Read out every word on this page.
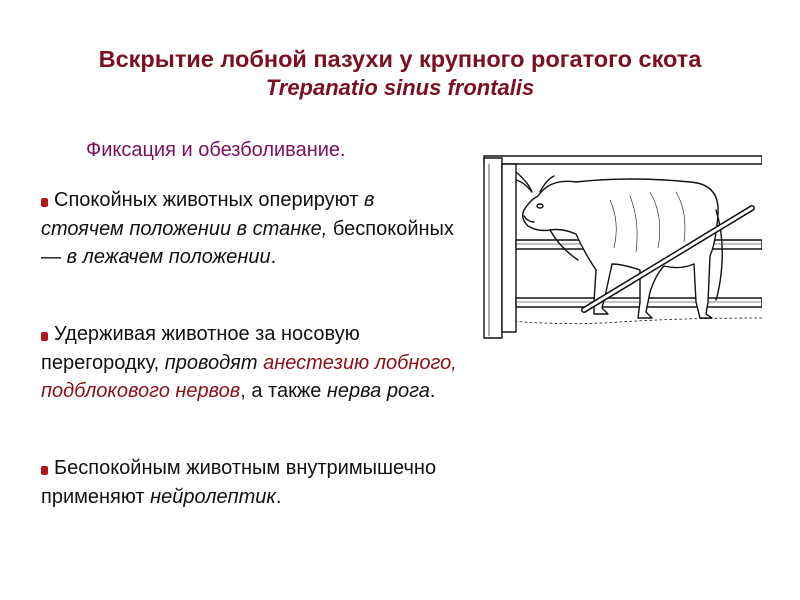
Вскрытие лобной пазухи у крупного рогатого скота
Trepanatio sinus frontalis
Фиксация и обезболивание.
Спокойных животных оперируют в стоячем положении в станке, беспокойных— в лежачем положении.
Удерживая животное за носовую перегородку, проводят анестезию лобного, подблокового нервов, а также нерва рога.
Беспокойным животным внутримышечно применяют нейролептик.
